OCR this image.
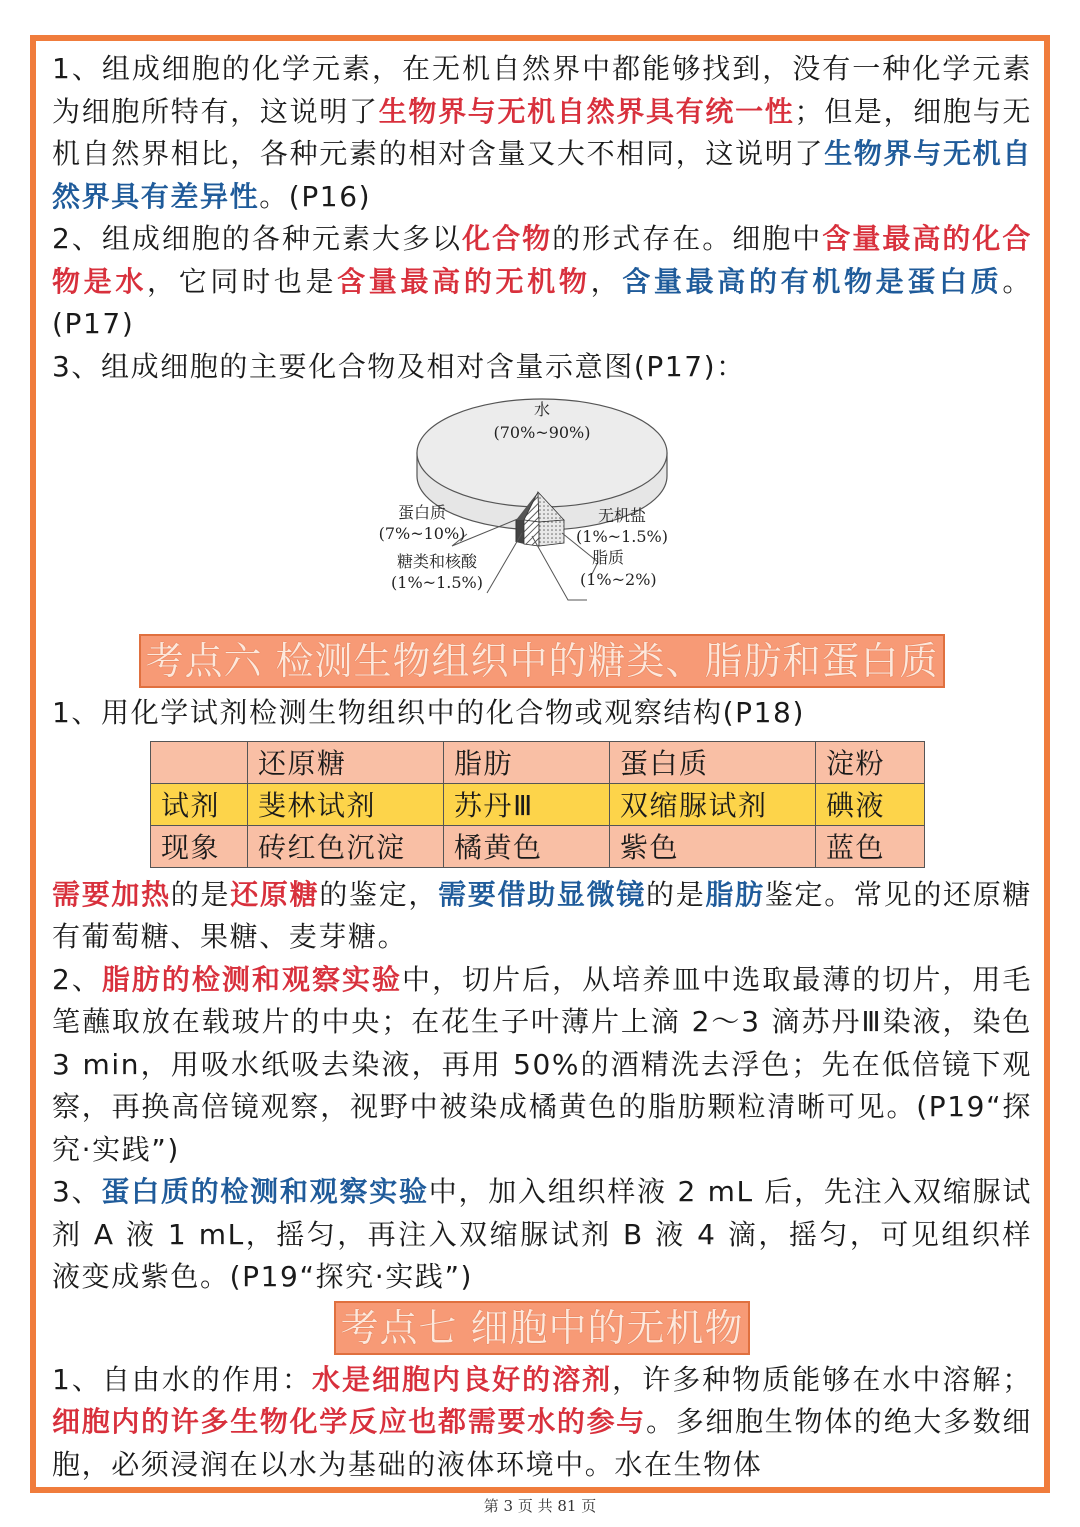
1、组成细胞的化学元素，在无机自然界中都能够找到，没有一种化学元素为细胞所特有，这说明了生物界与无机自然界具有统一性；但是，细胞与无机自然界相比，各种元素的相对含量又大不相同，这说明了生物界与无机自然界具有差异性。(P16)

2、组成细胞的各种元素大多以化合物的形式存在。细胞中含量最高的化合物是水，它同时也是含量最高的无机物，含量最高的有机物是蛋白质。(P17)

3、组成细胞的主要化合物及相对含量示意图(P17)：

水
(70%~90%)
蛋白质
(7%~10%)
糖类和核酸
(1%~1.5%)
无机盐
(1%~1.5%)
脂质
(1%~2%)
考点六 检测生物组织中的糖类、脂肪和蛋白质

1、用化学试剂检测生物组织中的化合物或观察结构(P18)

	还原糖	脂肪	蛋白质	淀粉
试剂	斐林试剂	苏丹Ⅲ	双缩脲试剂	碘液
现象	砖红色沉淀	橘黄色	紫色	蓝色

需要加热的是还原糖的鉴定，需要借助显微镜的是脂肪鉴定。常见的还原糖有葡萄糖、果糖、麦芽糖。

2、脂肪的检测和观察实验中，切片后，从培养皿中选取最薄的切片，用毛笔蘸取放在载玻片的中央；在花生子叶薄片上滴 2～3 滴苏丹Ⅲ染液，染色 3 min，用吸水纸吸去染液，再用 50%的酒精洗去浮色；先在低倍镜下观察，再换高倍镜观察，视野中被染成橘黄色的脂肪颗粒清晰可见。(P19“探究·实践”)

3、蛋白质的检测和观察实验中，加入组织样液 2 mL 后，先注入双缩脲试剂 A 液 1 mL，摇匀，再注入双缩脲试剂 B 液 4 滴，摇匀，可见组织样液变成紫色。(P19“探究·实践”)

考点七 细胞中的无机物

1、自由水的作用：水是细胞内良好的溶剂，许多种物质能够在水中溶解；细胞内的许多生物化学反应也都需要水的参与。多细胞生物体的绝大多数细胞，必须浸润在以水为基础的液体环境中。水在生物体

第 3 页 共 81 页
